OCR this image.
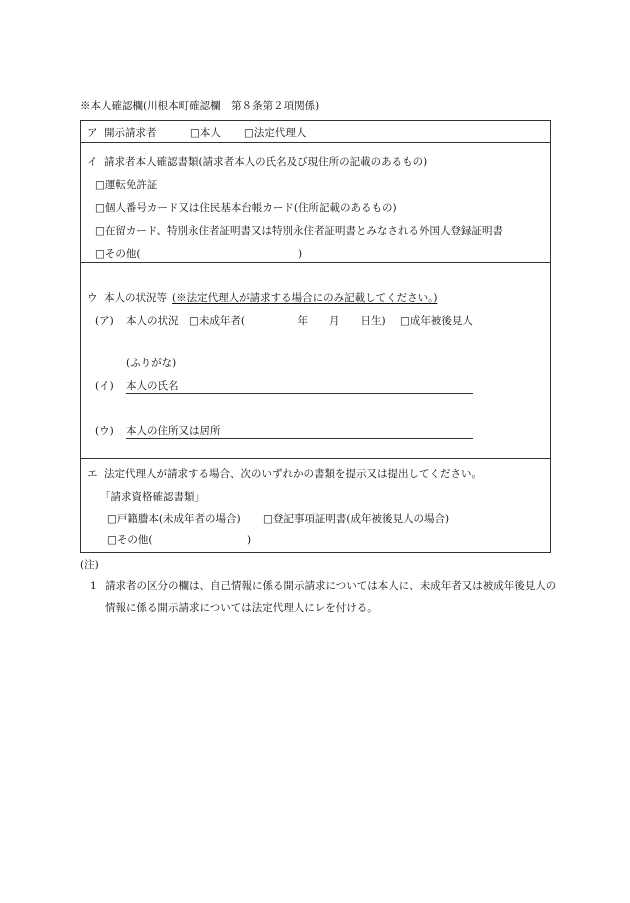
※本人確認欄(川根本町確認欄　第８条第２項関係)
ア 開示請求者	□本人 □法定代理人
イ 請求者本人確認書類(請求者本人の氏名及び現住所の記載のあるもの)
□運転免許証
□個人番号カード又は住民基本台帳カード(住所記載のあるもの)
□在留カード、特別永住者証明書又は特別永住者証明書とみなされる外国人登録証明書
□その他(　　　　　　　　　　　　　　　)
ウ 本人の状況等 (※法定代理人が請求する場合にのみ記載してください。)
(ア) 本人の状況 □未成年者(　　　　　年　　月　　日生) □成年被後見人
(ふりがな)
(イ) 本人の氏名
(ウ) 本人の住所又は居所
エ 法定代理人が請求する場合、次のいずれかの書類を提示又は提出してください。
「請求資格確認書類」
□戸籍謄本(未成年者の場合) □登記事項証明書(成年被後見人の場合)
□その他(　　　　　　　　　)
(注)
1 請求者の区分の欄は、自己情報に係る開示請求については本人に、未成年者又は被成年後見人の
情報に係る開示請求については法定代理人にレを付ける。
